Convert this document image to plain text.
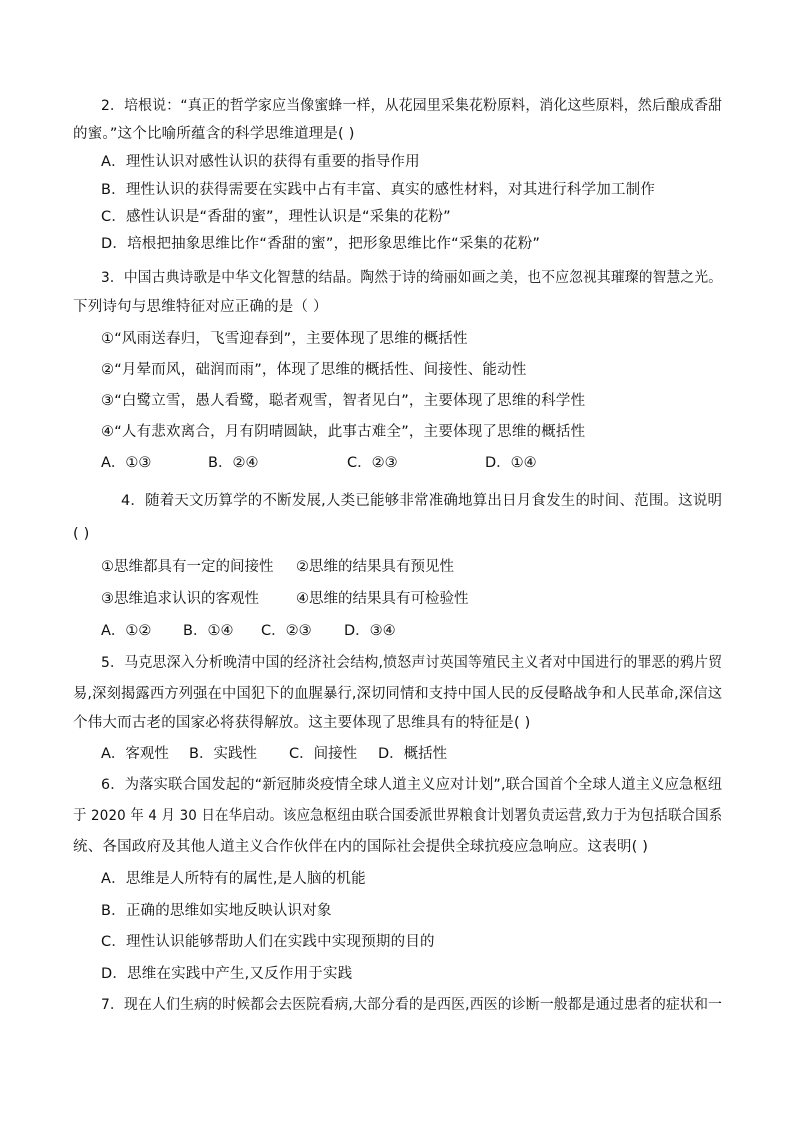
2．培根说：“真正的哲学家应当像蜜蜂一样，从花园里采集花粉原料，消化这些原料，然后酿成香甜
的蜜。”这个比喻所蕴含的科学思维道理是( )
A．理性认识对感性认识的获得有重要的指导作用
B．理性认识的获得需要在实践中占有丰富、真实的感性材料，对其进行科学加工制作
C．感性认识是“香甜的蜜”，理性认识是“采集的花粉”
D．培根把抽象思维比作“香甜的蜜”，把形象思维比作“采集的花粉”
3．中国古典诗歌是中华文化智慧的结晶。陶然于诗的绮丽如画之美，也不应忽视其璀璨的智慧之光。
下列诗句与思维特征对应正确的是（ ）
①“风雨送春归，飞雪迎春到”，主要体现了思维的概括性
②“月晕而风，础润而雨”，体现了思维的概括性、间接性、能动性
③“白鹭立雪，愚人看鹭，聪者观雪，智者见白”，主要体现了思维的科学性
④“人有悲欢离合，月有阴晴圆缺，此事古难全”，主要体现了思维的概括性
A．①③	B．②④	C．②③	D．①④
4．随着天文历算学的不断发展,人类已能够非常准确地算出日月食发生的时间、范围。这说明
( )
①思维都具有一定的间接性 ②思维的结果具有预见性
③思维追求认识的客观性	④思维的结果具有可检验性
A．①② B．①④ C．②③ D．③④
5．马克思深入分析晚清中国的经济社会结构,愤怒声讨英国等殖民主义者对中国进行的罪恶的鸦片贸
易,深刻揭露西方列强在中国犯下的血腥暴行,深切同情和支持中国人民的反侵略战争和人民革命,深信这
个伟大而古老的国家必将获得解放。这主要体现了思维具有的特征是( )
A．客观性 B．实践性 C．间接性 D．概括性
6．为落实联合国发起的“新冠肺炎疫情全球人道主义应对计划”,联合国首个全球人道主义应急枢纽
于 2020 年 4 月 30 日在华启动。该应急枢纽由联合国委派世界粮食计划署负责运营,致力于为包括联合国系
统、各国政府及其他人道主义合作伙伴在内的国际社会提供全球抗疫应急响应。这表明( )
A．思维是人所特有的属性,是人脑的机能
B．正确的思维如实地反映认识对象
C．理性认识能够帮助人们在实践中实现预期的目的
D．思维在实践中产生,又反作用于实践
7．现在人们生病的时候都会去医院看病,大部分看的是西医,西医的诊断一般都是通过患者的症状和一
